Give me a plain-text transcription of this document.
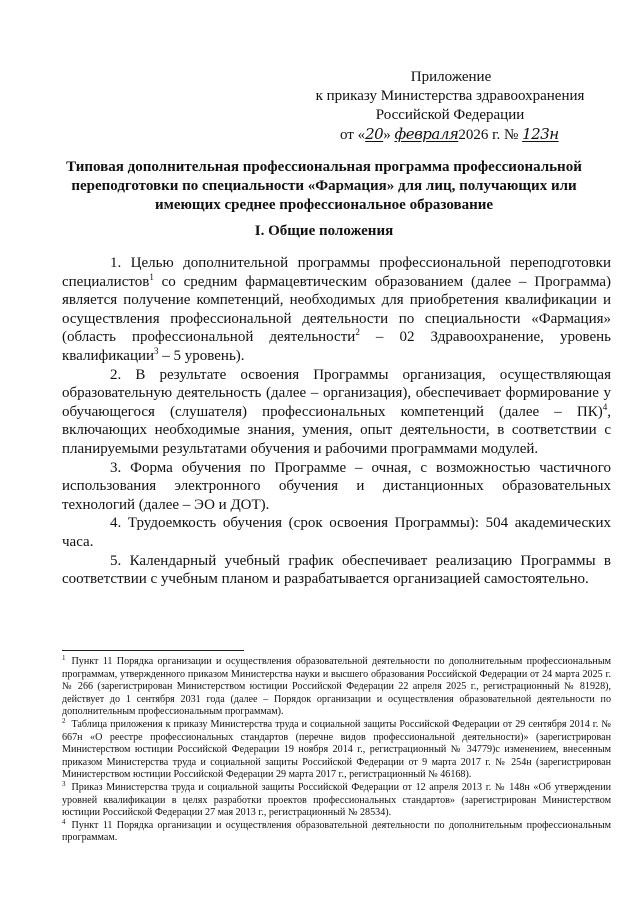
Приложение
к приказу Министерства здравоохранения
Российской Федерации
от «20» февраля2026 г. № 123н
Типовая дополнительная профессиональная программа профессиональной переподготовки по специальности «Фармация» для лиц, получающих или имеющих среднее профессиональное образование
I. Общие положения

1. Целью дополнительной программы профессиональной переподготовки специалистов$^1$ со средним фармацевтическим образованием (далее – Программа) является получение компетенций, необходимых для приобретения квалификации и осуществления профессиональной деятельности по специальности «Фармация» (область профессиональной деятельности$^2$ – 02 Здравоохранение, уровень квалификации$^3$ – 5 уровень).

2. В результате освоения Программы организация, осуществляющая образовательную деятельность (далее – организация), обеспечивает формирование у обучающегося (слушателя) профессиональных компетенций (далее – ПК)$^4$, включающих необходимые знания, умения, опыт деятельности, в соответствии с планируемыми результатами обучения и рабочими программами модулей.

3. Форма обучения по Программе – очная, с возможностью частичного использования электронного обучения и дистанционных образовательных технологий (далее – ЭО и ДОТ).

4. Трудоемкость обучения (срок освоения Программы): 504 академических часа.

5. Календарный учебный график обеспечивает реализацию Программы в соответствии с учебным планом и разрабатывается организацией самостоятельно.

$^1$ Пункт 11 Порядка организации и осуществления образовательной деятельности по дополнительным профессиональным программам, утвержденного приказом Министерства науки и высшего образования Российской Федерации от 24 марта 2025 г. № 266 (зарегистрирован Министерством юстиции Российской Федерации 22 апреля 2025 г., регистрационный № 81928), действует до 1 сентября 2031 года (далее – Порядок организации и осуществления образовательной деятельности по дополнительным профессиональным программам).

$^2$ Таблица приложения к приказу Министерства труда и социальной защиты Российской Федерации от 29 сентября 2014 г. № 667н «О реестре профессиональных стандартов (перечне видов профессиональной деятельности)» (зарегистрирован Министерством юстиции Российской Федерации 19 ноября 2014 г., регистрационный № 34779)с изменением, внесенным приказом Министерства труда и социальной защиты Российской Федерации от 9 марта 2017 г. № 254н (зарегистрирован Министерством юстиции Российской Федерации 29 марта 2017 г., регистрационный № 46168).

$^3$ Приказ Министерства труда и социальной защиты Российской Федерации от 12 апреля 2013 г. № 148н «Об утверждении уровней квалификации в целях разработки проектов профессиональных стандартов» (зарегистрирован Министерством юстиции Российской Федерации 27 мая 2013 г., регистрационный № 28534).

$^4$ Пункт 11 Порядка организации и осуществления образовательной деятельности по дополнительным профессиональным программам.
